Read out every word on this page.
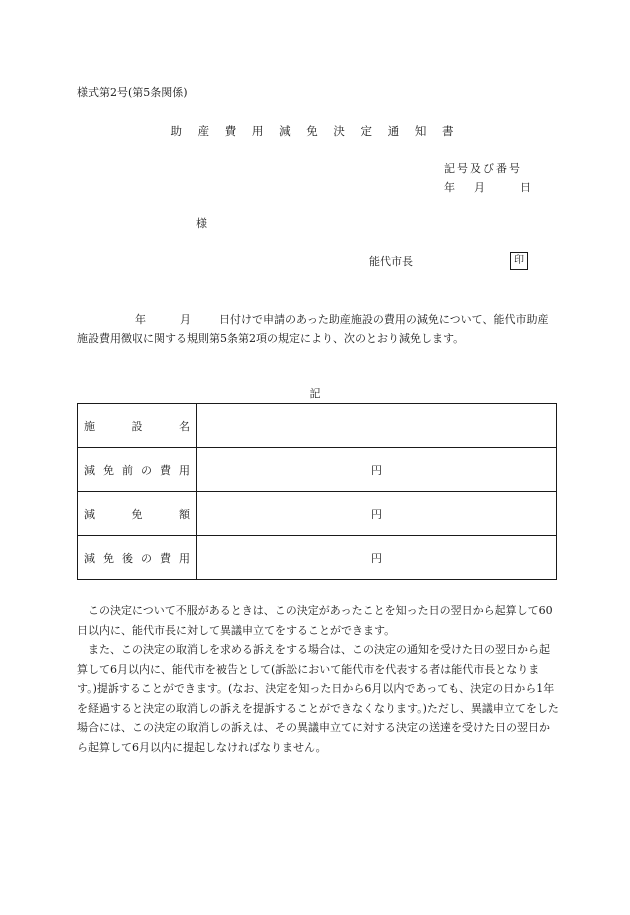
様式第2号(第5条関係)
助 産 費 用 減 免 決 定 通 知 書
記号及び番号
年 月	日
様
能代市長	印
年	月	日付けで申請のあった助産施設の費用の減免について、能代市助産施設費用徴収に関する規則第5条第2項の規定により、次のとおり減免します。
記
施設名	
減免前の費用	円
減免額	円
減免後の費用	円

この決定について不服があるときは、この決定があったことを知った日の翌日から起算して60日以内に、能代市長に対して異議申立てをすることができます。

また、この決定の取消しを求める訴えをする場合は、この決定の通知を受けた日の翌日から起算して6月以内に、能代市を被告として(訴訟において能代市を代表する者は能代市長となります。)提訴することができます。(なお、決定を知った日から6月以内であっても、決定の日から1年を経過すると決定の取消しの訴えを提訴することができなくなります。)ただし、異議申立てをした場合には、この決定の取消しの訴えは、その異議申立てに対する決定の送達を受けた日の翌日から起算して6月以内に提起しなければなりません。
